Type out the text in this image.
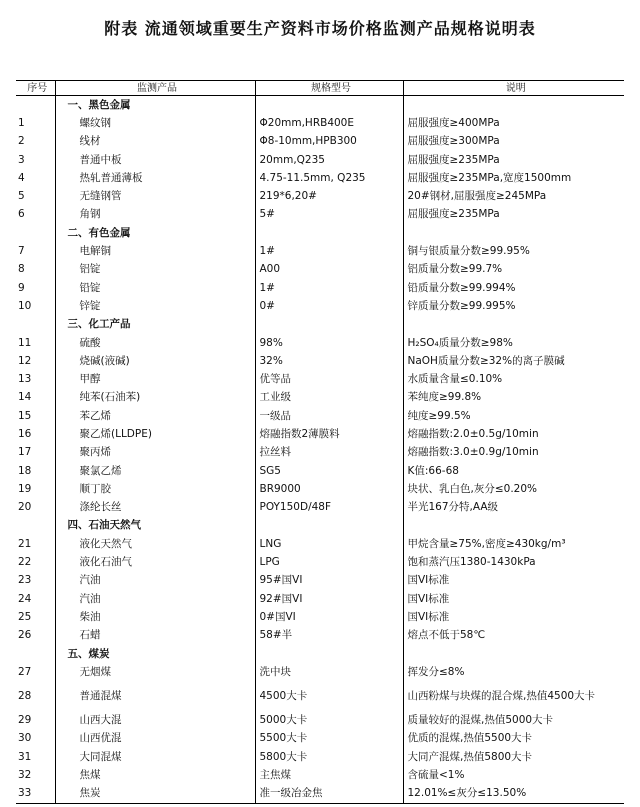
附表 流通领域重要生产资料市场价格监测产品规格说明表
序号	监测产品	规格型号	说明
	一、黑色金属		
1	螺纹钢	Φ20mm,HRB400E	屈服强度≥400MPa
2	线材	Φ8-10mm,HPB300	屈服强度≥300MPa
3	普通中板	20mm,Q235	屈服强度≥235MPa
4	热轧普通薄板	4.75-11.5mm, Q235	屈服强度≥235MPa,宽度1500mm
5	无缝钢管	219*6,20#	20#钢材,屈服强度≥245MPa
6	角钢	5#	屈服强度≥235MPa
	二、有色金属		
7	电解铜	1#	铜与银质量分数≥99.95%
8	铝锭	A00	铝质量分数≥99.7%
9	铅锭	1#	铅质量分数≥99.994%
10	锌锭	0#	锌质量分数≥99.995%
	三、化工产品		
11	硫酸	98%	H₂SO₄质量分数≥98%
12	烧碱(液碱)	32%	NaOH质量分数≥32%的离子膜碱
13	甲醇	优等品	水质量含量≤0.10%
14	纯苯(石油苯)	工业级	苯纯度≥99.8%
15	苯乙烯	一级品	纯度≥99.5%
16	聚乙烯(LLDPE)	熔融指数2薄膜料	熔融指数:2.0±0.5g/10min
17	聚丙烯	拉丝料	熔融指数:3.0±0.9g/10min
18	聚氯乙烯	SG5	K值:66-68
19	顺丁胶	BR9000	块状、乳白色,灰分≤0.20%
20	涤纶长丝	POY150D/48F	半光167分特,AA级
	四、石油天然气		
21	液化天然气	LNG	甲烷含量≥75%,密度≥430kg/m³
22	液化石油气	LPG	饱和蒸汽压1380-1430kPa
23	汽油	95#国VI	国VI标准
24	汽油	92#国VI	国VI标准
25	柴油	0#国VI	国VI标准
26	石蜡	58#半	熔点不低于58℃
	五、煤炭		
27	无烟煤	洗中块	挥发分≤8%
28	普通混煤	4500大卡	山西粉煤与块煤的混合煤,热值4500大卡
29	山西大混	5000大卡	质量较好的混煤,热值5000大卡
30	山西优混	5500大卡	优质的混煤,热值5500大卡
31	大同混煤	5800大卡	大同产混煤,热值5800大卡
32	焦煤	主焦煤	含硫量<1%
33	焦炭	准一级冶金焦	12.01%≤灰分≤13.50%
